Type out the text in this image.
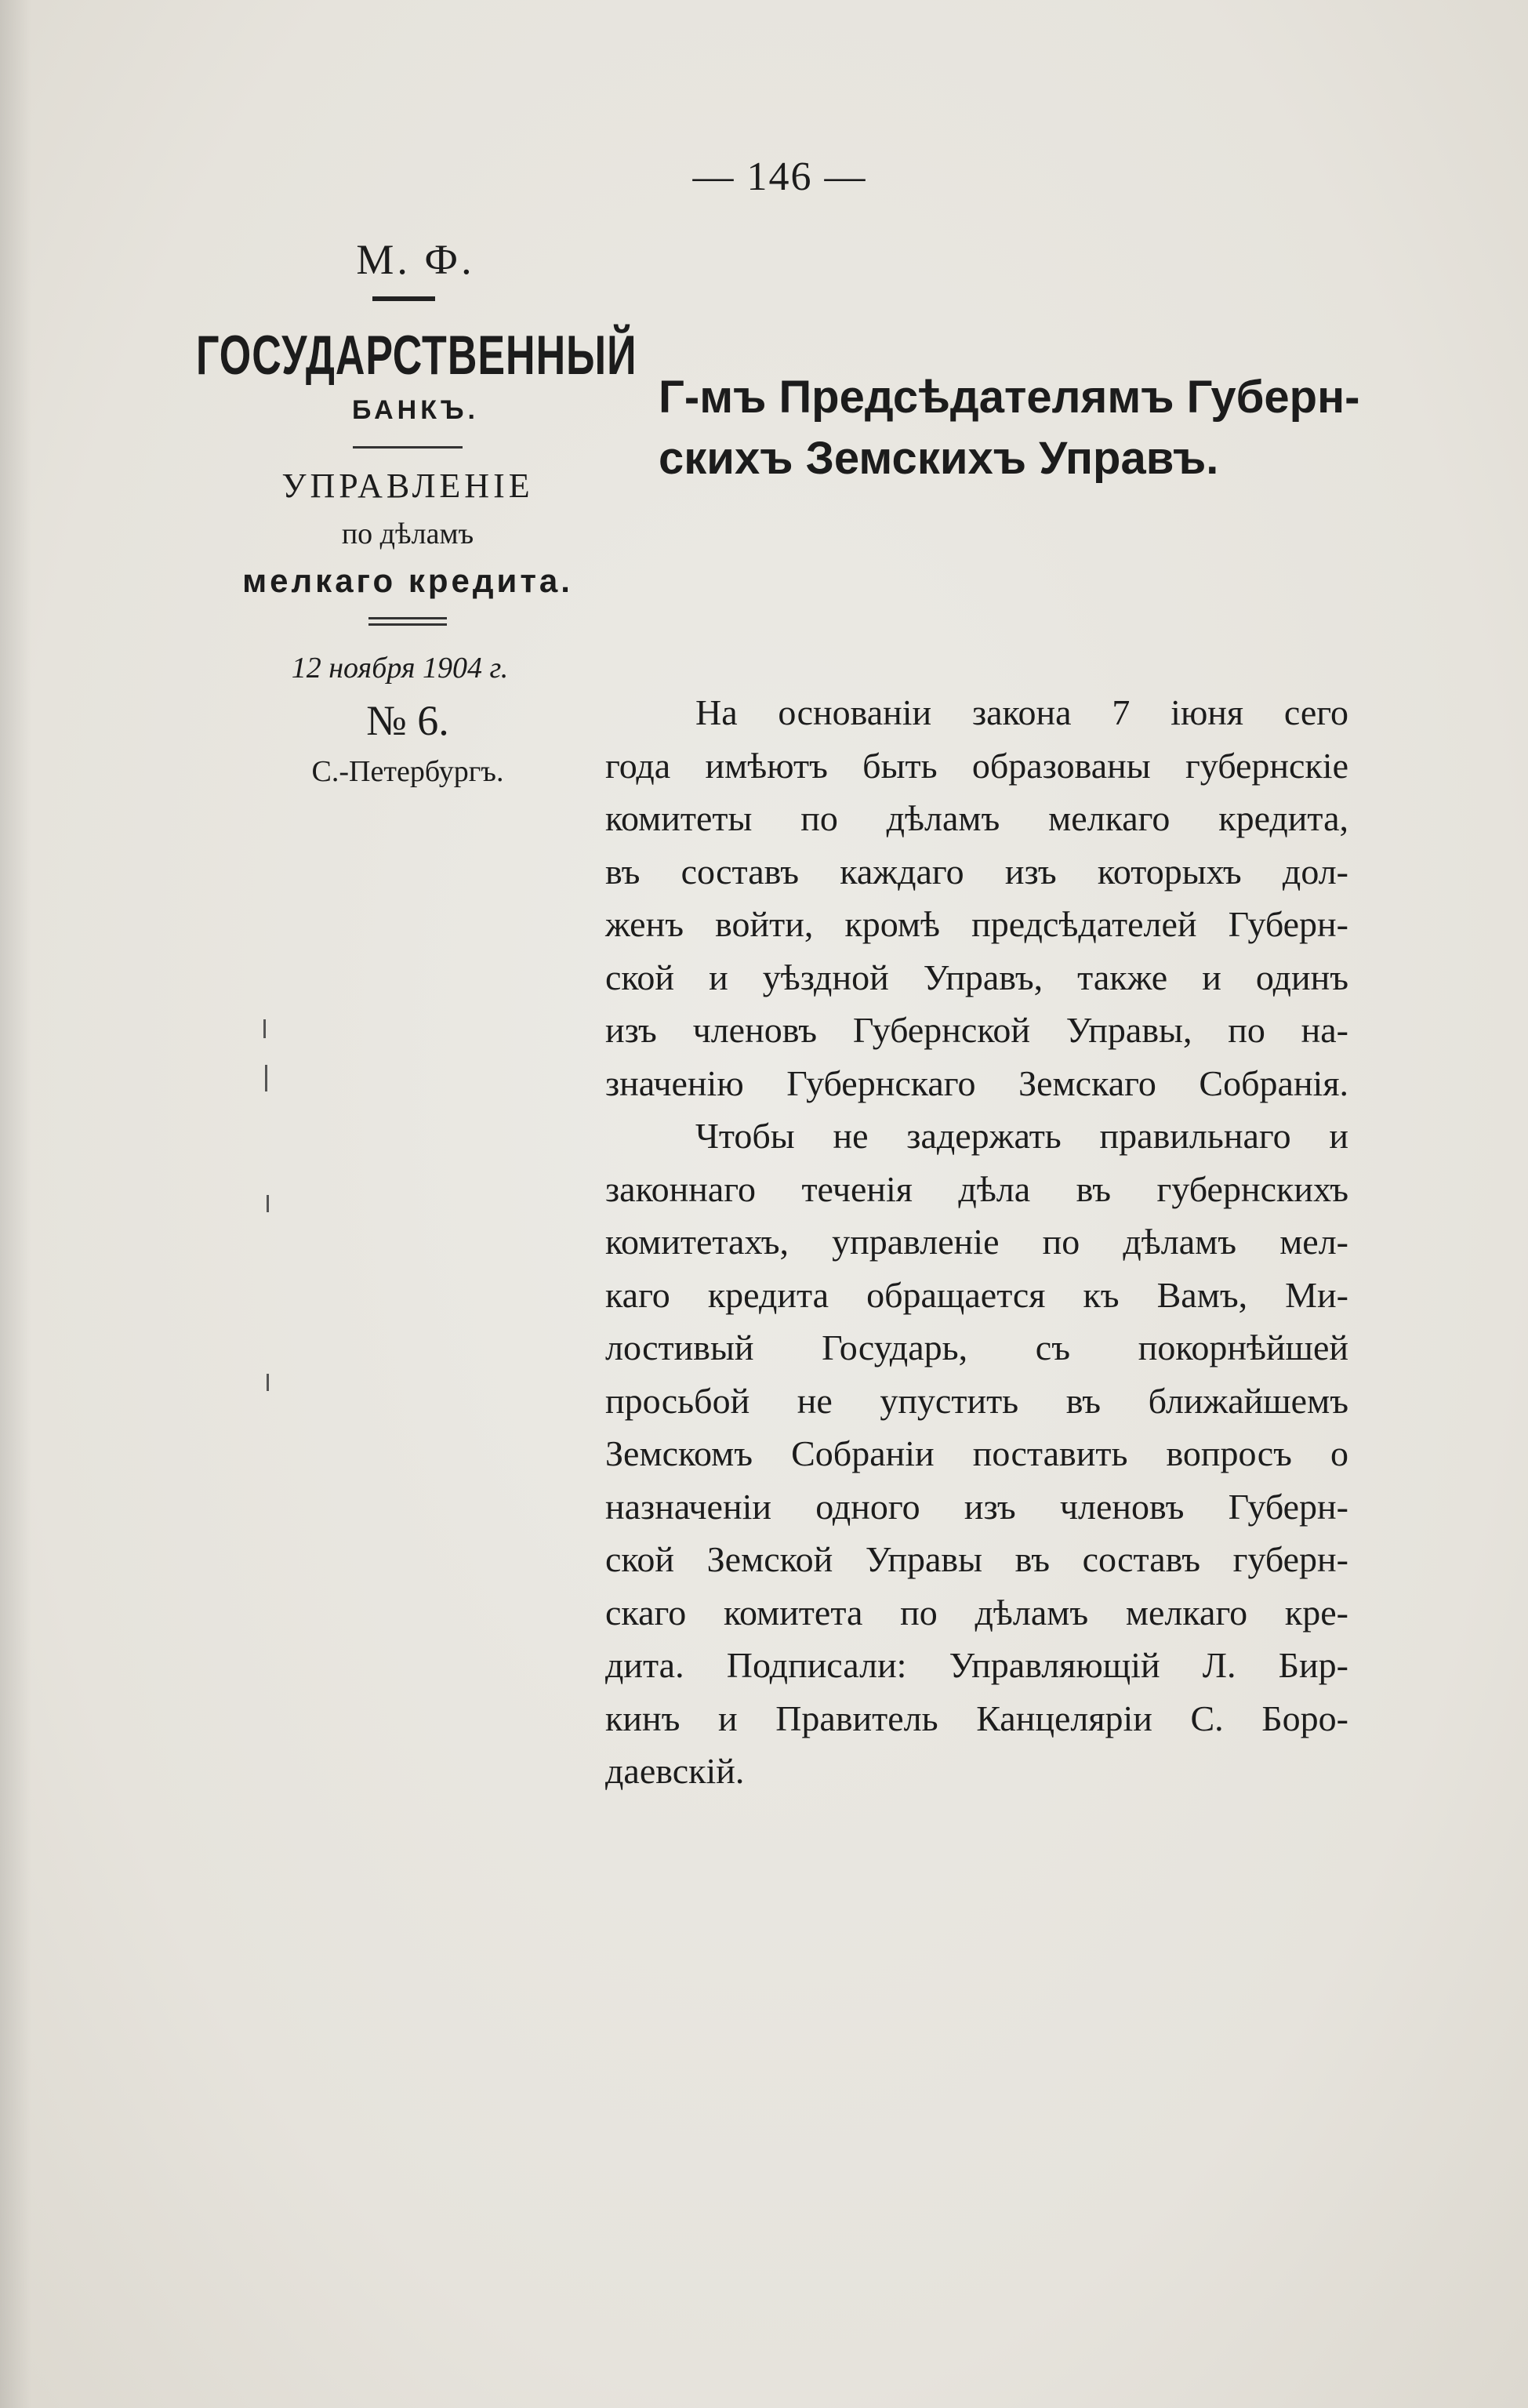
— 146 —
М. Ф.
ГОСУДАРСТВЕННЫЙ
БАНКЪ.
УПРАВЛЕНІЕ
по дѣламъ
мелкаго кредита.
12 ноября 1904 г.
№ 6.
С.-Петербургъ.
Г-мъ Предсѣдателямъ Губерн-
скихъ Земскихъ Управъ.
На основаніи закона 7 іюня сего
года имѣютъ быть образованы губернскіе
комитеты по дѣламъ мелкаго кредита,
въ составъ каждаго изъ которыхъ дол-
женъ войти, кромѣ предсѣдателей Губерн-
ской и уѣздной Управъ, также и одинъ
изъ членовъ Губернской Управы, по на-
значенію Губернскаго Земскаго Собранія.
Чтобы не задержать правильнаго и
законнаго теченія дѣла въ губернскихъ
комитетахъ, управленіе по дѣламъ мел-
каго кредита обращается къ Вамъ, Ми-
лостивый Государь, съ покорнѣйшей
просьбой не упустить въ ближайшемъ
Земскомъ Собраніи поставить вопросъ о
назначеніи одного изъ членовъ Губерн-
ской Земской Управы въ составъ губерн-
скаго комитета по дѣламъ мелкаго кре-
дита. Подписали: Управляющій Л. Бир-
кинъ и Правитель Канцеляріи С. Боро-
даевскій.
